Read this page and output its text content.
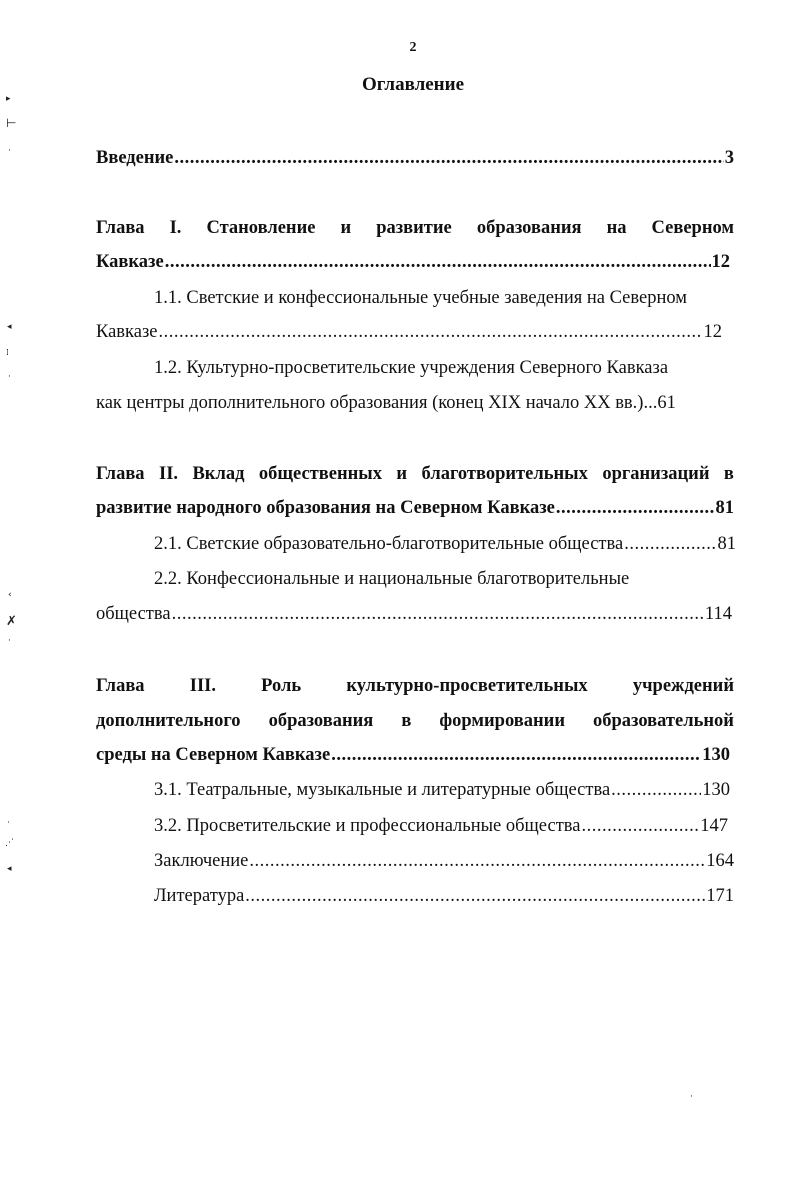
2
Оглавление
Введение .....	3
Глава I. Становление и развитие образования на Северном
Кавказе .....	12
1.1. Светские и конфессиональные учебные заведения на Северном
Кавказе .....	12
1.2. Культурно-просветительские учреждения Северного Кавказа
как центры дополнительного образования (конец XIX начало XX вв.)... 61
Глава II. Вклад общественных и благотворительных организаций в
развитие народного образования на Северном Кавказе .....	81
2.1. Светские образовательно-благотворительные общества .....	81
2.2. Конфессиональные и национальные благотворительные
общества .....	114
Глава III. Роль культурно-просветительных учреждений
дополнительного образования в формировании образовательной
среды на Северном Кавказе .....	130
3.1. Театральные, музыкальные и литературные общества .....	130
3.2. Просветительские и профессиональные общества .....	147
Заключение .....	164
Литература .....	171
▸
⊢
·
◂
⁞
·
‹
✗
·
·
⋰
◂
·
